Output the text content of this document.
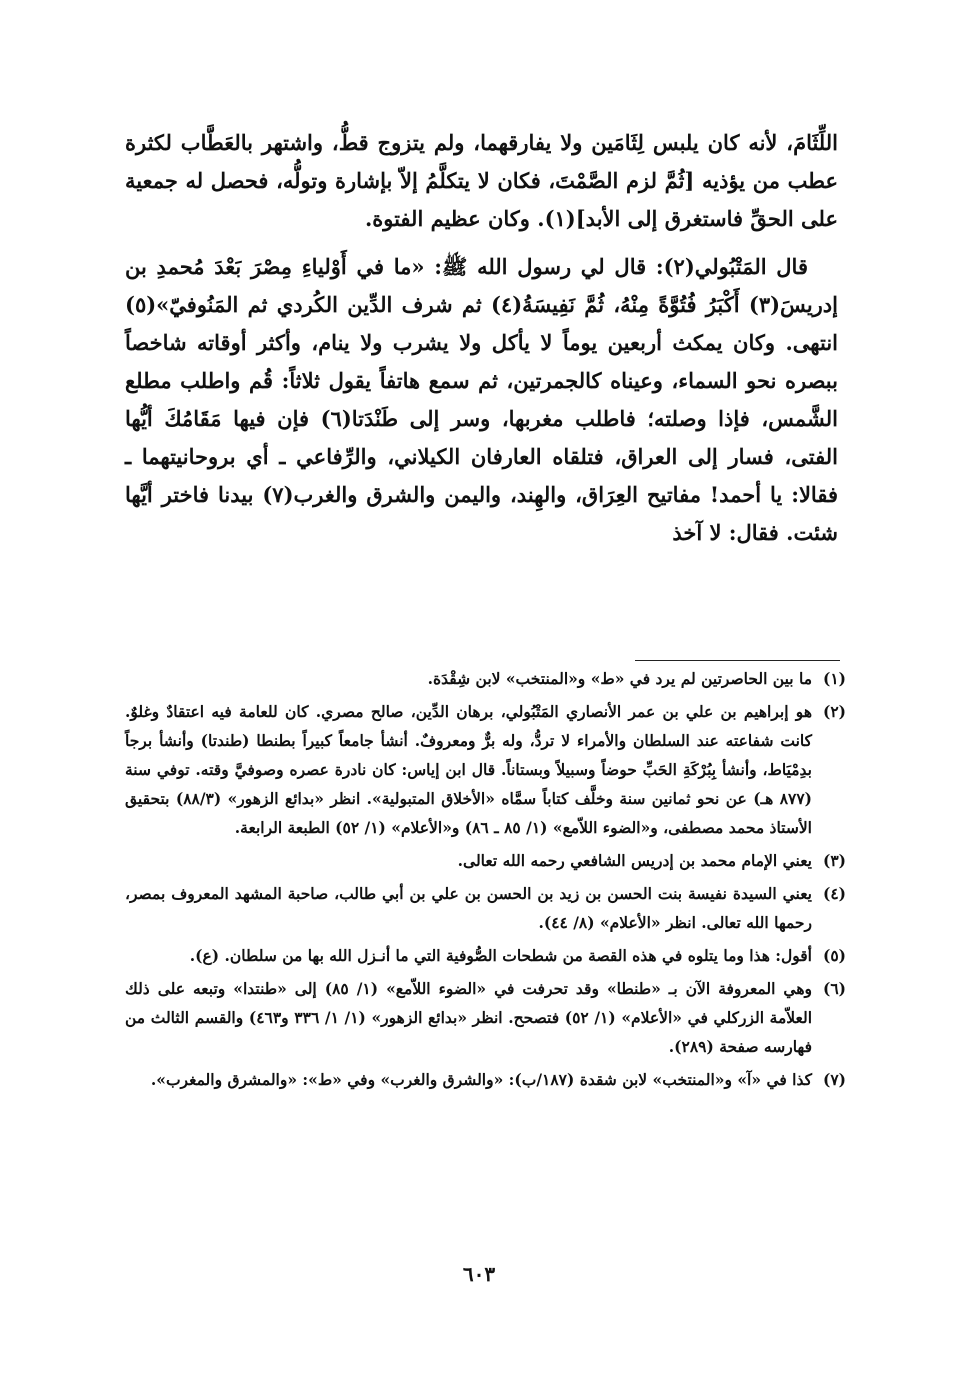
اللِّثَامَ، لأنه كان يلبس لِثَامَين ولا يفارقهما، ولم يتزوج قطُّ، واشتهر بالعَطَّاب لكثرة عطب من يؤذيه [ثُمَّ لزم الصَّمْتَ، فكان لا يتكلَّمُ إلاّ بإشارة وتولُّه، فحصل له جمعية على الحقِّ فاستغرق إلى الأبد](١). وكان عظيم الفتوة.

قال المَتْبُولي(٢): قال لي رسول الله ﷺ: «ما في أَوْلياءِ مِصْرَ بَعْدَ مُحمدِ بن إدريسَ(٣) أَكْبَرُ فُتُوَّةً مِنْهُ، ثُمَّ نَفِيسَةُ(٤) ثم شرف الدِّين الكُردي ثم المَنُوفيّ»(٥) انتهى. وكان يمكث أربعين يوماً لا يأكل ولا يشرب ولا ينام، وأكثر أوقاته شاخصاً ببصره نحو السماء، وعيناه كالجمرتين، ثم سمع هاتفاً يقول ثلاثاً: قُم واطلب مطلع الشَّمس، فإذا وصلته؛ فاطلب مغربها، وسر إلى طَنْدَتا(٦) فإن فيها مَقَامُكَ أيُّها الفتى، فسار إلى العراق، فتلقاه العارفان الكيلاني، والرِّفاعي ـ أي بروحانيتهما ـ فقالا: يا أحمد! مفاتيح العِرَاق، والهِند، واليمن والشرق والغرب(٧) بيدنا فاختر أيَّها شئت. فقال: لا آخذ

(١)
ما بين الحاصرتين لم يرد في «ط» و«المنتخب» لابن شِقْدَة.
(٢)
هو إبراهيم بن علي بن عمر الأنصاري المَتْبُولي، برهان الدِّين، صالح مصري. كان للعامة فيه اعتقادٌ وغلوٌ. كانت شفاعته عند السلطان والأمراء لا تردُّ، وله برٌّ ومعروفٌ. أنشأ جامعاً كبيراً بطنطا (طندتا) وأنشأ برجاً بدِمْيَاط، وأنشأ بِبُرْكَةِ الحَبِّ حوضاً وسبيلاً وبستاناً. قال ابن إياس: كان نادرة عصره وصوفيَّ وقته. توفي سنة (٨٧٧ هـ) عن نحو ثمانين سنة وخلَّف كتاباً سمَّاه «الأخلاق المتبولية». انظر «بدائع الزهور» (٨٨/٣) بتحقيق الأستاذ محمد مصطفى، و«الضوء اللاّمع» (١/ ٨٥ ـ ٨٦) و«الأعلام» (١/ ٥٢) الطبعة الرابعة.
(٣)
يعني الإمام محمد بن إدريس الشافعي رحمه الله تعالى.
(٤)
يعني السيدة نفيسة بنت الحسن بن زيد بن الحسن بن علي بن أبي طالب، صاحبة المشهد المعروف بمصر، رحمها الله تعالى. انظر «الأعلام» (٨/ ٤٤).
(٥)
أقول: هذا وما يتلوه في هذه القصة من شطحات الصُّوفية التي ما أنـزل الله بها من سلطان. (ع).
(٦)
وهي المعروفة الآن بـ «طنطا» وقد تحرفت في «الضوء اللاّمع» (١/ ٨٥) إلى «طنتدا» وتبعه على ذلك العلاّمة الزركلي في «الأعلام» (١/ ٥٢) فتصحح. انظر «بدائع الزهور» (١/ ١/ ٣٣٦ و٤٦٣) والقسم الثالث من فهارسه صفحة (٢٨٩).
(٧)
كذا في «آ» و«المنتخب» لابن شقدة (١٨٧/ب): «والشرق والغرب» وفي «ط»: «والمشرق والمغرب».
٦٠٣
